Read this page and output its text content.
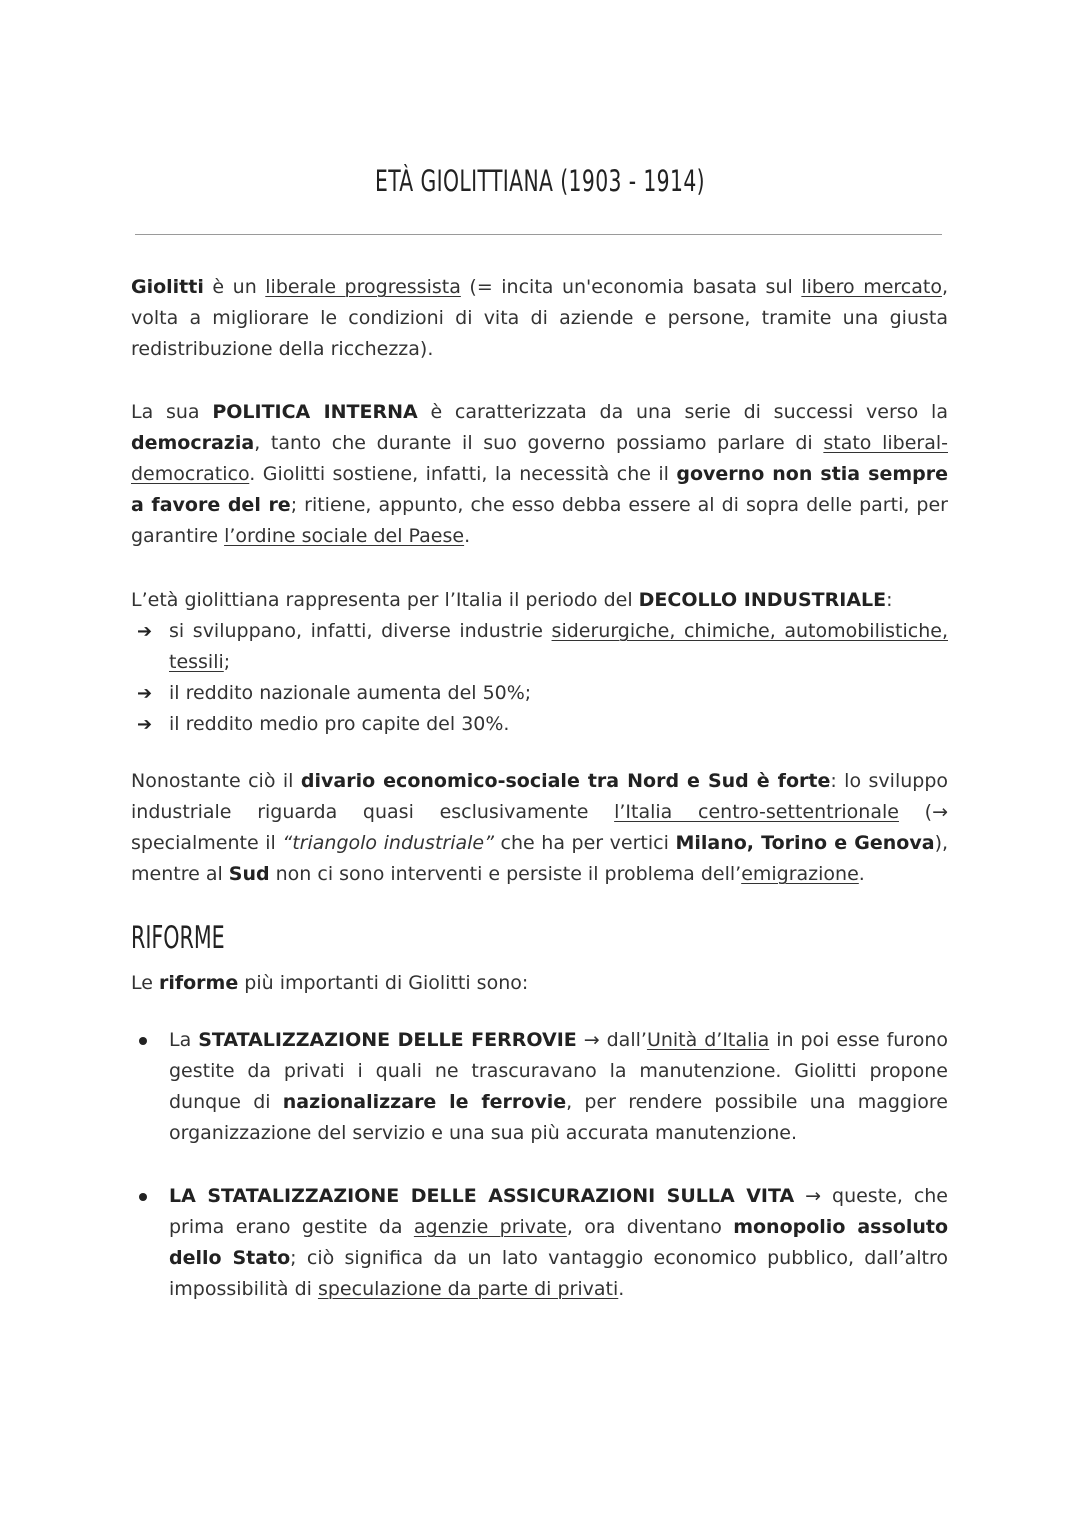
ETÀ GIOLITTIANA (1903 - 1914)
Giolitti è un liberale progressista (= incita un'economia basata sul libero mercato, volta a migliorare le condizioni di vita di aziende e persone, tramite una giusta redistribuzione della ricchezza).
La sua POLITICA INTERNA è caratterizzata da una serie di successi verso la democrazia, tanto che durante il suo governo possiamo parlare di stato liberal-democratico. Giolitti sostiene, infatti, la necessità che il governo non stia sempre a favore del re; ritiene, appunto, che esso debba essere al di sopra delle parti, per garantire l’ordine sociale del Paese.
L’età giolittiana rappresenta per l’Italia il periodo del DECOLLO INDUSTRIALE:
➔ si sviluppano, infatti, diverse industrie siderurgiche, chimiche, automobilistiche, tessili;
➔ il reddito nazionale aumenta del 50%;
➔ il reddito medio pro capite del 30%.
Nonostante ciò il divario economico-sociale tra Nord e Sud è forte: lo sviluppo industriale riguarda quasi esclusivamente l’Italia centro-settentrionale (→ specialmente il “triangolo industriale” che ha per vertici Milano, Torino e Genova), mentre al Sud non ci sono interventi e persiste il problema dell’emigrazione.
RIFORME
Le riforme più importanti di Giolitti sono:
La STATALIZZAZIONE DELLE FERROVIE → dall’Unità d’Italia in poi esse furono gestite da privati i quali ne trascuravano la manutenzione. Giolitti propone dunque di nazionalizzare le ferrovie, per rendere possibile una maggiore organizzazione del servizio e una sua più accurata manutenzione.
LA STATALIZZAZIONE DELLE ASSICURAZIONI SULLA VITA → queste, che prima erano gestite da agenzie private, ora diventano monopolio assoluto dello Stato; ciò significa da un lato vantaggio economico pubblico, dall’altro impossibilità di speculazione da parte di privati.
